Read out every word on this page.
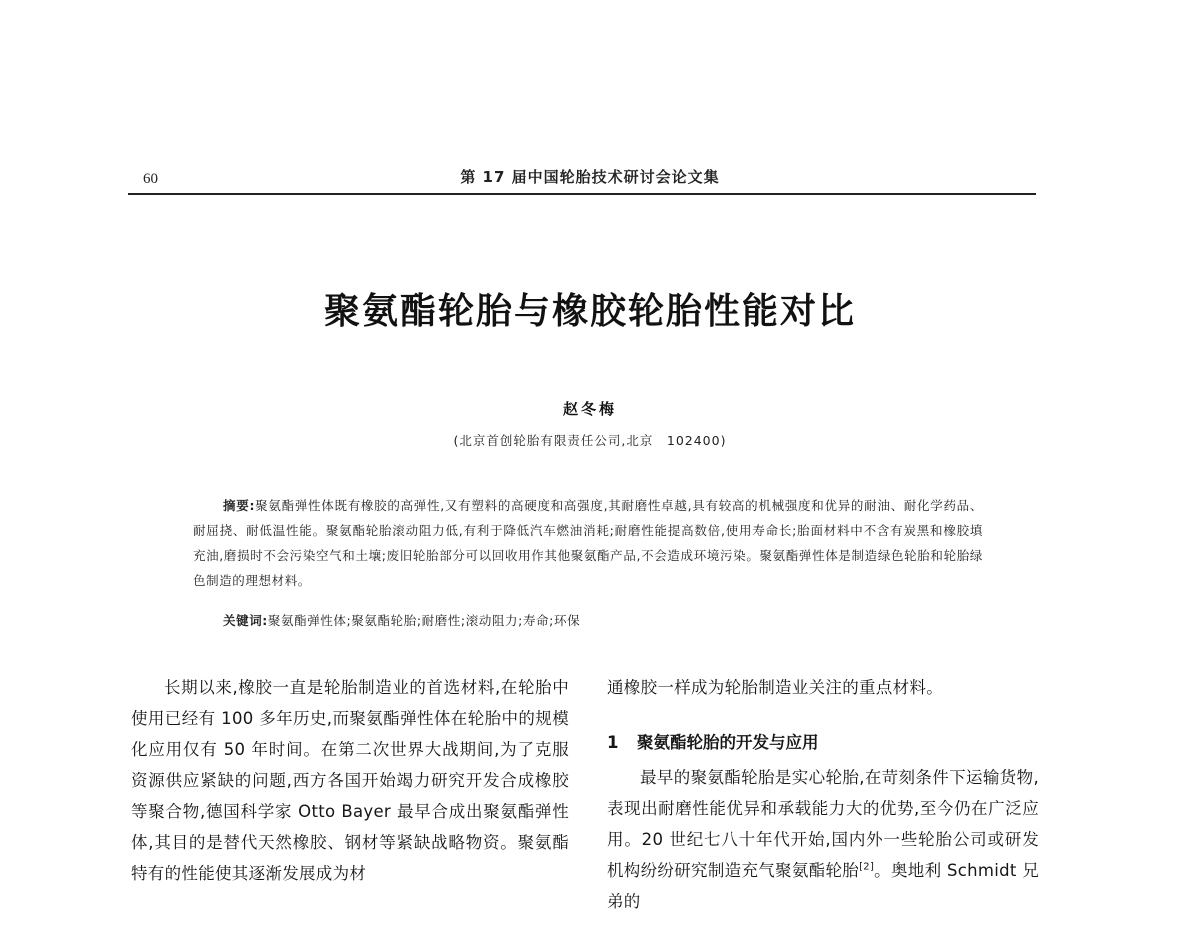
60	第 17 届中国轮胎技术研讨会论文集
聚氨酯轮胎与橡胶轮胎性能对比
赵冬梅
(北京首创轮胎有限责任公司,北京　102400)

摘要:聚氨酯弹性体既有橡胶的高弹性,又有塑料的高硬度和高强度,其耐磨性卓越,具有较高的机械强度和优异的耐油、耐化学药品、耐屈挠、耐低温性能。聚氨酯轮胎滚动阻力低,有利于降低汽车燃油消耗;耐磨性能提高数倍,使用寿命长;胎面材料中不含有炭黑和橡胶填充油,磨损时不会污染空气和土壤;废旧轮胎部分可以回收用作其他聚氨酯产品,不会造成环境污染。聚氨酯弹性体是制造绿色轮胎和轮胎绿色制造的理想材料。

关键词:聚氨酯弹性体;聚氨酯轮胎;耐磨性;滚动阻力;寿命;环保

长期以来,橡胶一直是轮胎制造业的首选材料,在轮胎中使用已经有 100 多年历史,而聚氨酯弹性体在轮胎中的规模化应用仅有 50 年时间。在第二次世界大战期间,为了克服资源供应紧缺的问题,西方各国开始竭力研究开发合成橡胶等聚合物,德国科学家 Otto Bayer 最早合成出聚氨酯弹性体,其目的是替代天然橡胶、钢材等紧缺战略物资。聚氨酯特有的性能使其逐渐发展成为材

通橡胶一样成为轮胎制造业关注的重点材料。

1 聚氨酯轮胎的开发与应用

最早的聚氨酯轮胎是实心轮胎,在苛刻条件下运输货物,表现出耐磨性能优异和承载能力大的优势,至今仍在广泛应用。20 世纪七八十年代开始,国内外一些轮胎公司或研发机构纷纷研究制造充气聚氨酯轮胎[2]。奥地利 Schmidt 兄弟的
